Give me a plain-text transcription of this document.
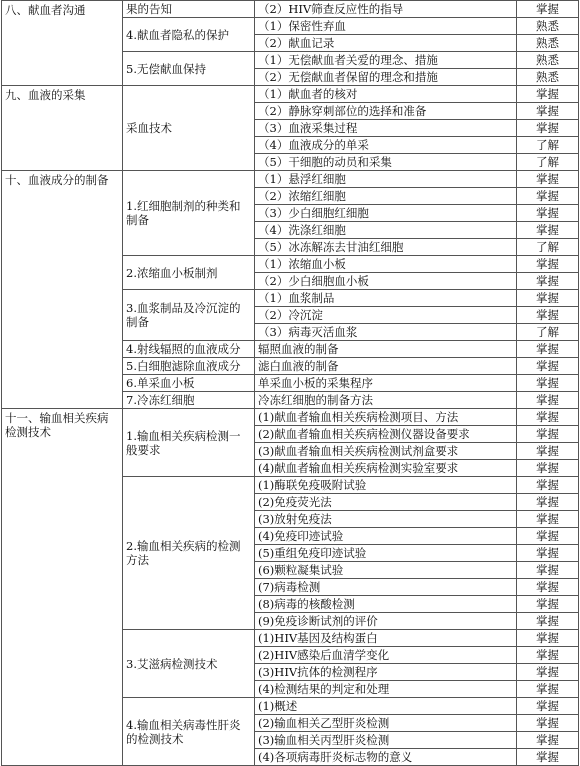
八、献血者沟通	果的告知	（2）HIV筛查反应性的指导	掌握
	4.献血者隐私的保护	（1）保密性弃血	熟悉
		（2）献血记录	熟悉
	5.无偿献血保持	（1）无偿献血者关爱的理念、措施	熟悉
		（2）无偿献血者保留的理念和措施	熟悉
九、血液的采集	采血技术	（1）献血者的核对	掌握
		（2）静脉穿刺部位的选择和准备	掌握
		（3）血液采集过程	掌握
		（4）血液成分的单采	了解
		（5）干细胞的动员和采集	了解
十、血液成分的制备	1.红细胞制剂的种类和制备	（1）悬浮红细胞	掌握
		（2）浓缩红细胞	掌握
		（3）少白细胞红细胞	掌握
		（4）洗涤红细胞	掌握
		（5）冰冻解冻去甘油红细胞	了解
	2.浓缩血小板制剂	（1）浓缩血小板	掌握
		（2）少白细胞血小板	掌握
	3.血浆制品及冷沉淀的制备	（1）血浆制品	掌握
		（2）冷沉淀	掌握
		（3）病毒灭活血浆	了解
	4.射线辐照的血液成分	辐照血液的制备	掌握
	5.白细胞滤除血液成分	滤白血液的制备	掌握
	6.单采血小板	单采血小板的采集程序	掌握
	7.冷冻红细胞	冷冻红细胞的制备方法	掌握
十一、输血相关疾病检测技术	1.输血相关疾病检测一般要求	(1)献血者输血相关疾病检测项目、方法	掌握
		(2)献血者输血相关疾病检测仪器设备要求	掌握
		(3)献血者输血相关疾病检测试剂盒要求	掌握
		(4)献血者输血相关疾病检测实验室要求	掌握
	2.输血相关疾病的检测方法	(1)酶联免疫吸附试验	掌握
		(2)免疫荧光法	掌握
		(3)放射免疫法	掌握
		(4)免疫印迹试验	掌握
		(5)重组免疫印迹试验	掌握
		(6)颗粒凝集试验	掌握
		(7)病毒检测	掌握
		(8)病毒的核酸检测	掌握
		(9)免疫诊断试剂的评价	掌握
	3.艾滋病检测技术	(1)HIV基因及结构蛋白	掌握
		(2)HIV感染后血清学变化	掌握
		(3)HIV抗体的检测程序	掌握
		(4)检测结果的判定和处理	掌握
	4.输血相关病毒性肝炎的检测技术	(1)概述	掌握
		(2)输血相关乙型肝炎检测	掌握
		(3)输血相关丙型肝炎检测	掌握
		(4)各项病毒肝炎标志物的意义	掌握
